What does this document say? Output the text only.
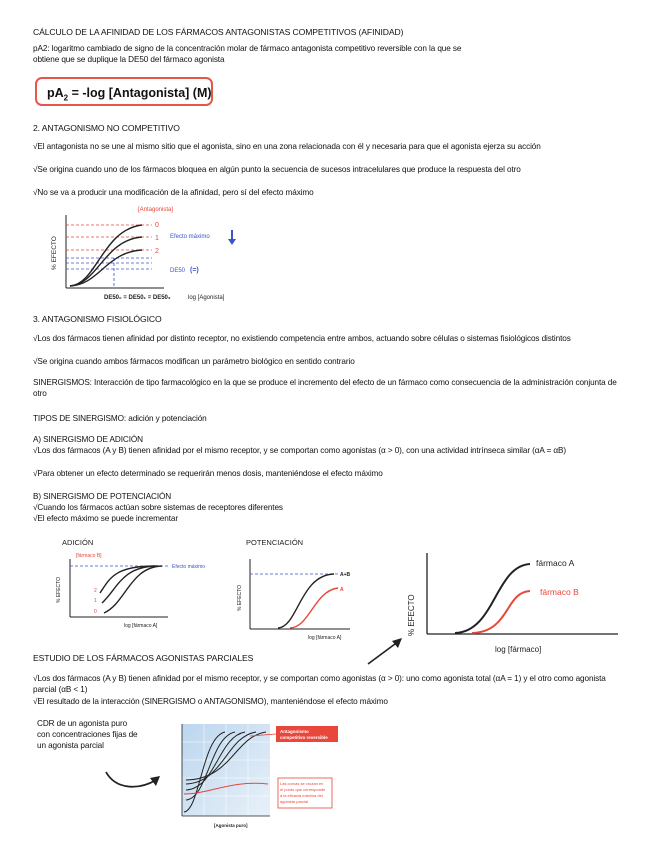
CÁLCULO DE LA AFINIDAD DE LOS FÁRMACOS ANTAGONISTAS COMPETITIVOS (AFINIDAD)
pA2: logaritmo cambiado de signo de la concentración molar de fármaco antagonista competitivo reversible con la que se
obtiene que se duplique la DE50 del fármaco agonista
$pA_2 = -\log$ [Antagonista] (M)
2. ANTAGONISMO NO COMPETITIVO
√El antagonista no se une al mismo sitio que el agonista, sino en una zona relacionada con él y necesaria para que el agonista ejerza su acción
√Se origina cuando uno de los fármacos bloquea en algún punto la secuencia de sucesos intracelulares que produce la respuesta del otro
√No se va a producir una modificación de la afinidad, pero sí del efecto máximo
[Antagonista]
% EFECTO
0
1
2
Efecto máximo
DE50 (=)
DE50₀ = DE50₁ = DE50₂	log [Agonista]
3. ANTAGONISMO FISIOLÓGICO
√Los dos fármacos tienen afinidad por distinto receptor, no existiendo competencia entre ambos, actuando sobre células o sistemas fisiológicos distintos
√Se origina cuando ambos fármacos modifican un parámetro biológico en sentido contrario
SINERGISMOS: Interacción de tipo farmacológico en la que se produce el incremento del efecto de un fármaco como consecuencia de la administración conjunta de otro
TIPOS DE SINERGISMO: adición y potenciación
A) SINERGISMO DE ADICIÓN
√Los dos fármacos (A y B) tienen afinidad por el mismo receptor, y se comportan como agonistas (α > 0), con una actividad intrínseca similar (αA = αB)
√Para obtener un efecto determinado se requerirán menos dosis, manteniéndose el efecto máximo
B) SINERGISMO DE POTENCIACIÓN
√Cuando los fármacos actúan sobre sistemas de receptores diferentes
√El efecto máximo se puede incrementar
ADICIÓN
[fármaco B]
% EFECTO
Efecto máximo
2
1
0
log [fármaco A]
POTENCIACIÓN
% EFECTO
A+B
A
log [fármaco A]
% EFECTO
fármaco A
fármaco B
log [fármaco]
ESTUDIO DE LOS FÁRMACOS AGONISTAS PARCIALES
√Los dos fármacos (A y B) tienen afinidad por el mismo receptor, y se comportan como agonistas (α > 0): uno como agonista total (αA = 1) y el otro como agonista parcial (αB < 1)
√El resultado de la interacción (SINERGISMO o ANTAGONISMO), manteniéndose el efecto máximo
CDR de un agonista puro
con concentraciones fijas de
un agonista parcial
Antagonismo
competitivo reversible
Las curvas se cruzan en
el punto que corresponde
a la eficacia máxima del
agonista parcial
[Agonista puro]
